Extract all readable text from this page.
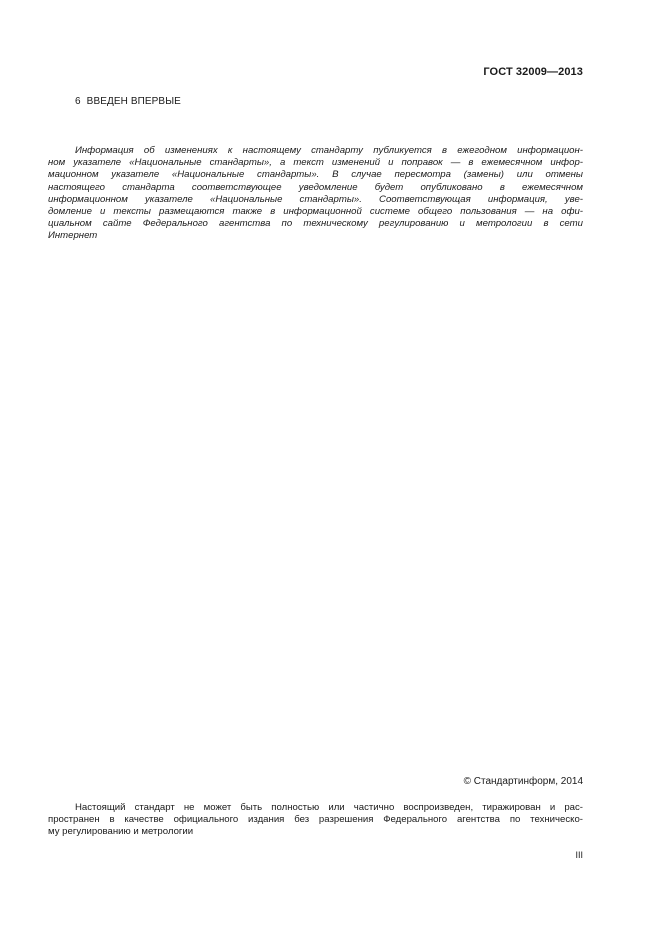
ГОСТ 32009—2013
6 ВВЕДЕН ВПЕРВЫЕ
Информация об изменениях к настоящему стандарту публикуется в ежегодном информацион-
ном указателе «Национальные стандарты», а текст изменений и поправок — в ежемесячном инфор-
мационном указателе «Национальные стандарты». В случае пересмотра (замены) или отмены
настоящего стандарта соответствующее уведомление будет опубликовано в ежемесячном
информационном указателе «Национальные стандарты». Соответствующая информация, уве-
домление и тексты размещаются также в информационной системе общего пользования — на офи-
циальном сайте Федерального агентства по техническому регулированию и метрологии в сети
Интернет
© Стандартинформ, 2014
Настоящий стандарт не может быть полностью или частично воспроизведен, тиражирован и рас-
пространен в качестве официального издания без разрешения Федерального агентства по техническо-
му регулированию и метрологии
III
